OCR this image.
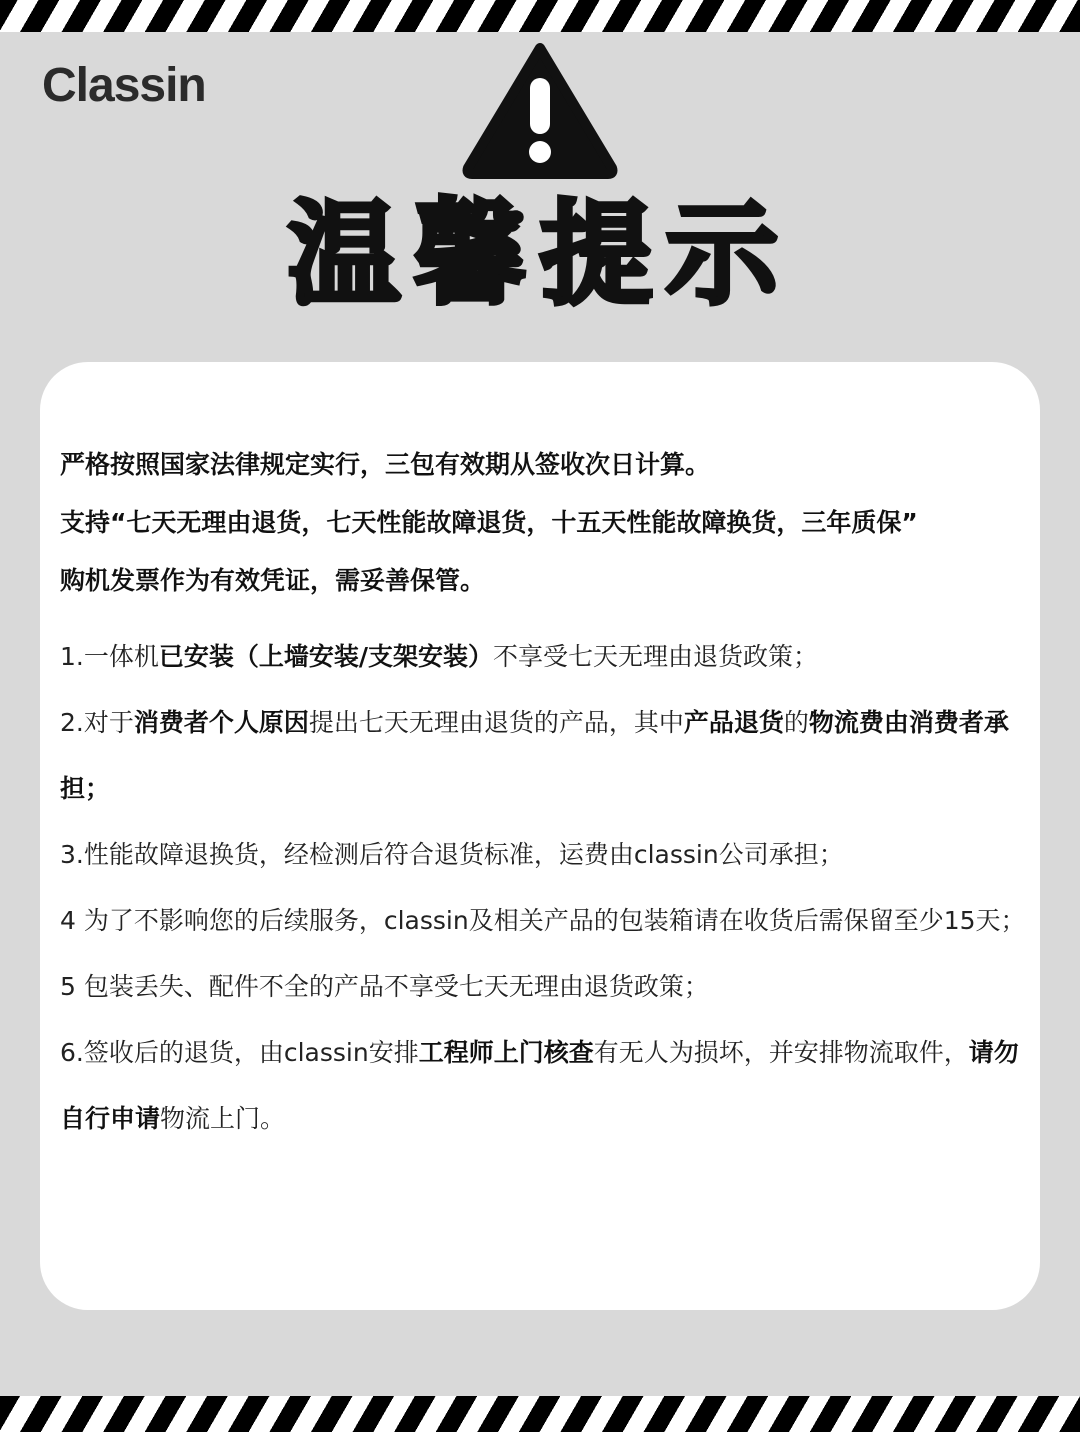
Classin
温馨提示

严格按照国家法律规定实行，三包有效期从签收次日计算。

支持“七天无理由退货，七天性能故障退货，十五天性能故障换货，三年质保”

购机发票作为有效凭证，需妥善保管。

1.一体机已安装（上墙安装/支架安装）不享受七天无理由退货政策；

2.对于消费者个人原因提出七天无理由退货的产品，其中产品退货的物流费由消费者承担；

3.性能故障退换货，经检测后符合退货标准，运费由classin公司承担；

4 为了不影响您的后续服务，classin及相关产品的包装箱请在收货后需保留至少15天；

5 包装丢失、配件不全的产品不享受七天无理由退货政策；

6.签收后的退货，由classin安排工程师上门核查有无人为损坏，并安排物流取件，请勿自行申请物流上门。
